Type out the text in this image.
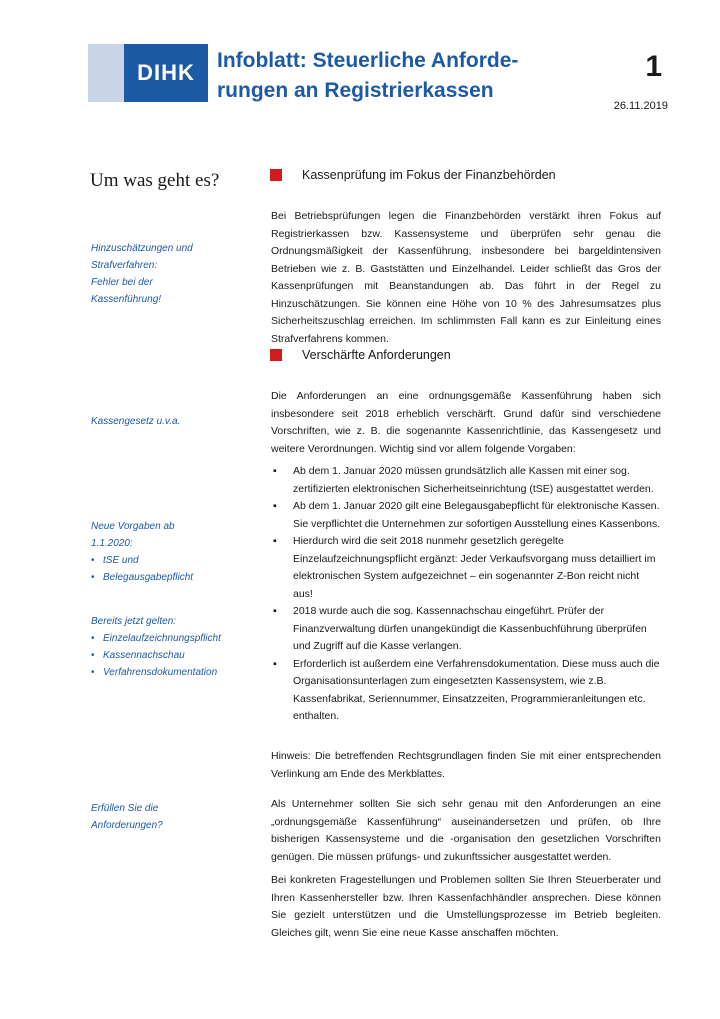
DIHK	Infoblatt: Steuerliche Anforde-
rungen an Registrierkassen
1
26.11.2019
Um was geht es?
Hinzuschätzungen und
Strafverfahren:
Fehler bei der
Kassenführung!
Kassengesetz u.v.a.
Neue Vorgaben ab
1.1.2020:
• tSE und
• Belegausgabepflicht
Bereits jetzt gelten:
• Einzelaufzeichnungspflicht
• Kassennachschau
• Verfahrensdokumentation
Erfüllen Sie die
Anforderungen?
Kassenprüfung im Fokus der Finanzbehörden

Bei Betriebsprüfungen legen die Finanzbehörden verstärkt ihren Fokus auf Registrierkassen bzw. Kassensysteme und überprüfen sehr genau die Ordnungsmäßigkeit der Kassenführung, insbesondere bei bargeldintensiven Betrieben wie z. B. Gaststätten und Einzelhandel. Leider schließt das Gros der Kassenprüfungen mit Beanstandungen ab. Das führt in der Regel zu Hinzuschätzungen. Sie können eine Höhe von 10 % des Jahresumsatzes plus Sicherheitszuschlag erreichen. Im schlimmsten Fall kann es zur Einleitung eines Strafverfahrens kommen.

Verschärfte Anforderungen

Die Anforderungen an eine ordnungsgemäße Kassenführung haben sich insbesondere seit 2018 erheblich verschärft. Grund dafür sind verschiedene Vorschriften, wie z. B. die sogenannte Kassenrichtlinie, das Kassengesetz und weitere Verordnungen. Wichtig sind vor allem folgende Vorgaben:

▪ Ab dem 1. Januar 2020 müssen grundsätzlich alle Kassen mit einer sog. zertifizierten elektronischen Sicherheitseinrichtung (tSE) ausgestattet werden.
▪ Ab dem 1. Januar 2020 gilt eine Belegausgabepflicht für elektronische Kassen. Sie verpflichtet die Unternehmen zur sofortigen Ausstellung eines Kassenbons.
▪ Hierdurch wird die seit 2018 nunmehr gesetzlich geregelte Einzelaufzeichnungspflicht ergänzt: Jeder Verkaufsvorgang muss detailliert im elektronischen System aufgezeichnet – ein sogenannter Z-Bon reicht nicht aus!
▪ 2018 wurde auch die sog. Kassennachschau eingeführt. Prüfer der Finanzverwaltung dürfen unangekündigt die Kassenbuchführung überprüfen und Zugriff auf die Kasse verlangen.
▪ Erforderlich ist außerdem eine Verfahrensdokumentation. Diese muss auch die Organisationsunterlagen zum eingesetzten Kassensystem, wie z.B. Kassenfabrikat, Seriennummer, Einsatzzeiten, Programmieranleitungen etc. enthalten.

Hinweis: Die betreffenden Rechtsgrundlagen finden Sie mit einer entsprechenden Verlinkung am Ende des Merkblattes.

Als Unternehmer sollten Sie sich sehr genau mit den Anforderungen an eine „ordnungsgemäße Kassenführung“ auseinandersetzen und prüfen, ob Ihre bisherigen Kassensysteme und die -organisation den gesetzlichen Vorschriften genügen. Die müssen prüfungs- und zukunftssicher ausgestattet werden.

Bei konkreten Fragestellungen und Problemen sollten Sie Ihren Steuerberater und Ihren Kassenhersteller bzw. Ihren Kassenfachhändler ansprechen. Diese können Sie gezielt unterstützen und die Umstellungsprozesse im Betrieb begleiten. Gleiches gilt, wenn Sie eine neue Kasse anschaffen möchten.
